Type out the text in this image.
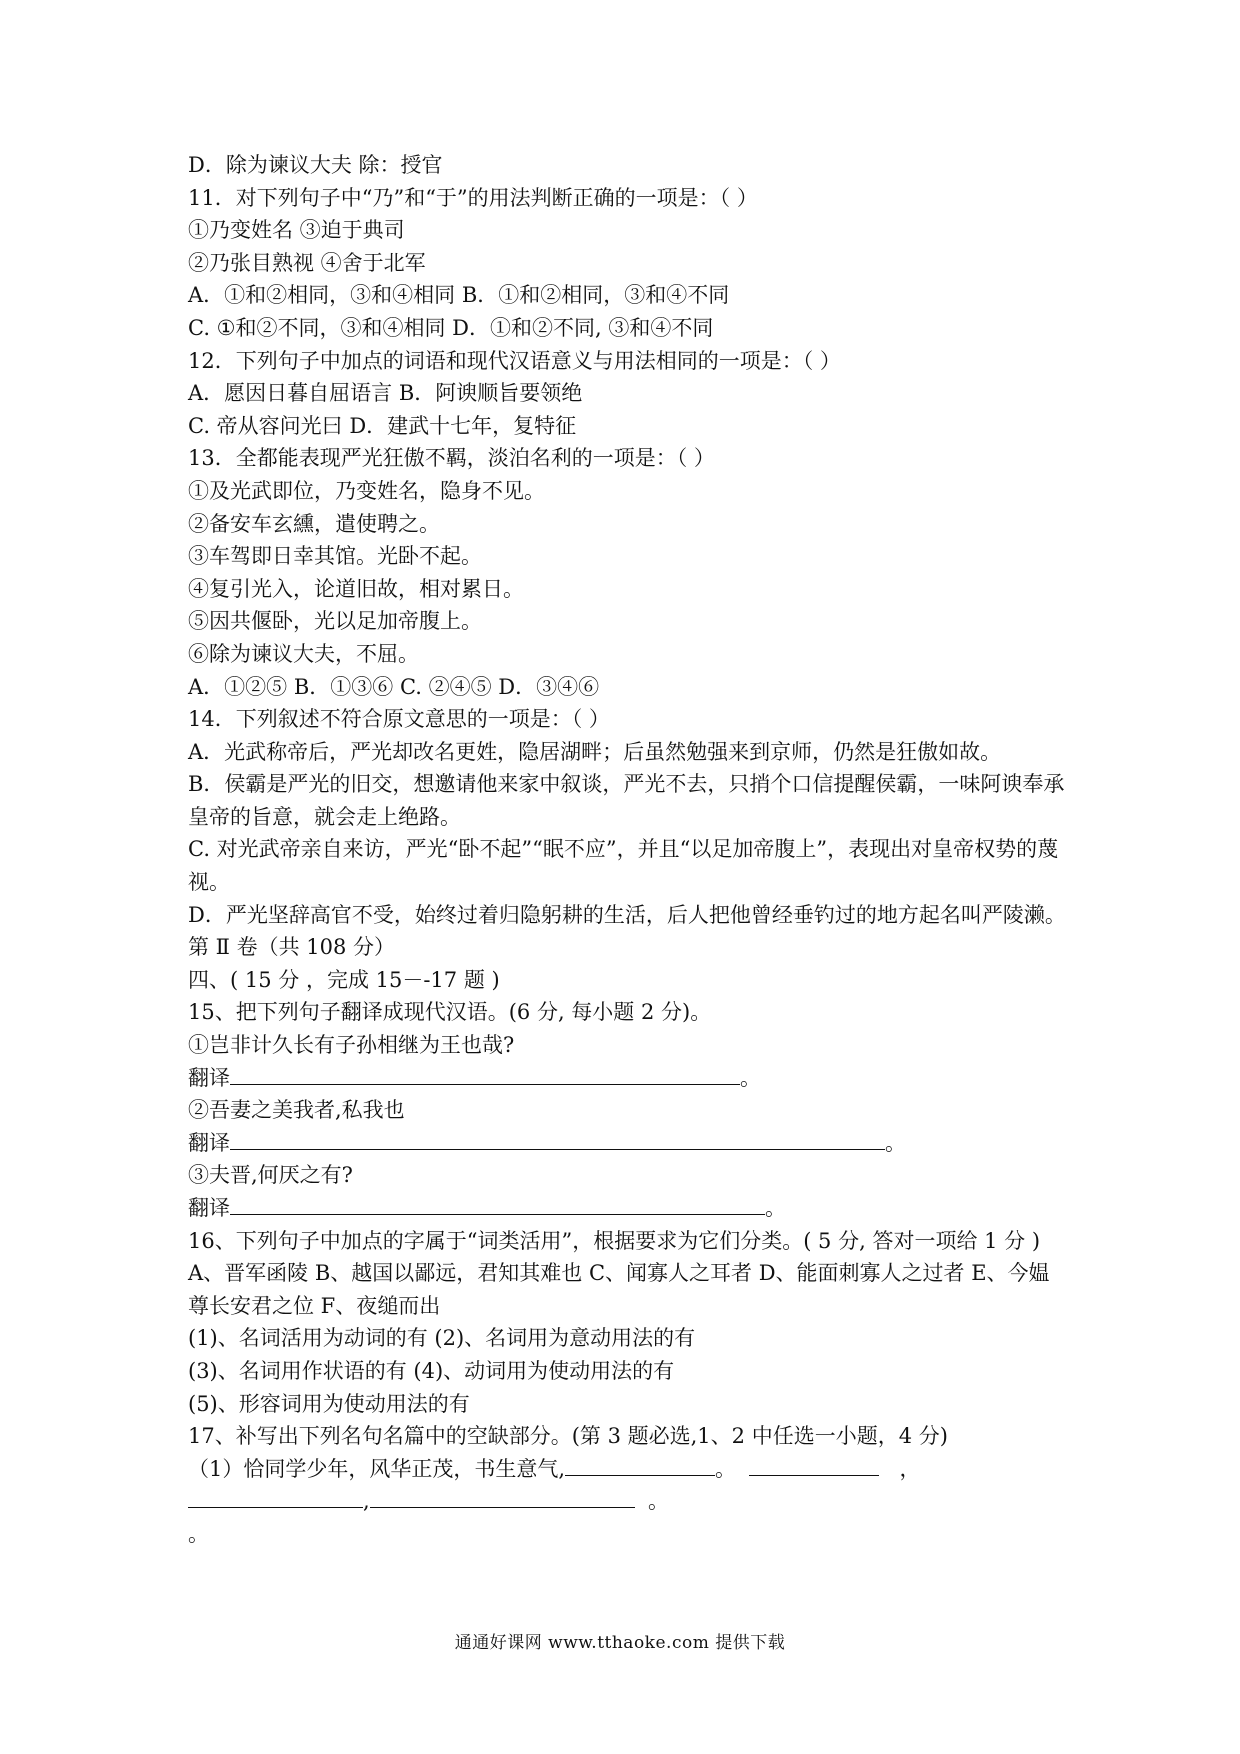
D．除为谏议大夫 除：授官
11．对下列句子中“乃”和“于”的用法判断正确的一项是：（ ）
①乃变姓名 ③迫于典司
②乃张目熟视 ④舍于北军
A．①和②相同，③和④相同 B．①和②相同，③和④不同
C. ①和②不同，③和④相同 D．①和②不同, ③和④不同
12．下列句子中加点的词语和现代汉语意义与用法相同的一项是：（ ）
A．愿因日暮自屈语言 B．阿谀顺旨要领绝
C. 帝从容问光曰 D．建武十七年，复特征
13．全都能表现严光狂傲不羁，淡泊名利的一项是：（ ）
①及光武即位，乃变姓名，隐身不见。
②备安车玄纁，遣使聘之。
③车驾即日幸其馆。光卧不起。
④复引光入，论道旧故，相对累日。
⑤因共偃卧，光以足加帝腹上。
⑥除为谏议大夫，不屈。
A．①②⑤ B．①③⑥ C. ②④⑤ D．③④⑥
14．下列叙述不符合原文意思的一项是：（ ）
A．光武称帝后，严光却改名更姓，隐居湖畔；后虽然勉强来到京师，仍然是狂傲如故。
B．侯霸是严光的旧交，想邀请他来家中叙谈，严光不去，只捎个口信提醒侯霸，一味阿谀奉承皇帝的旨意，就会走上绝路。
C. 对光武帝亲自来访，严光“卧不起”“眠不应”，并且“以足加帝腹上”，表现出对皇帝权势的蔑视。
D．严光坚辞高官不受，始终过着归隐躬耕的生活，后人把他曾经垂钓过的地方起名叫严陵濑。
第 Ⅱ 卷（共 108 分）
四、( 15 分 ，完成 15－-17 题 )
15、把下列句子翻译成现代汉语。(6 分, 每小题 2 分)。
①岂非计久长有子孙相继为王也哉?
翻译	。
②吾妻之美我者,私我也
翻译	。
③夫晋,何厌之有?
翻译	。
16、下列句子中加点的字属于“词类活用”，根据要求为它们分类。( 5 分, 答对一项给 1 分 )
A、晋军函陵 B、越国以鄙远，君知其难也 C、闻寡人之耳者 D、能面刺寡人之过者 E、今媪尊长安君之位 F、夜缒而出
(1)、名词活用为动词的有 (2)、名词用为意动用法的有
(3)、名词用作状语的有 (4)、动词用为使动用法的有
(5)、形容词用为使动用法的有
17、补写出下列名句名篇中的空缺部分。(第 3 题必选,1、2 中任选一小题，4 分)
（1）恰同学少年，风华正茂，书生意气,	。	，
,	。
。
通通好课网 www.tthaoke.com 提供下载
